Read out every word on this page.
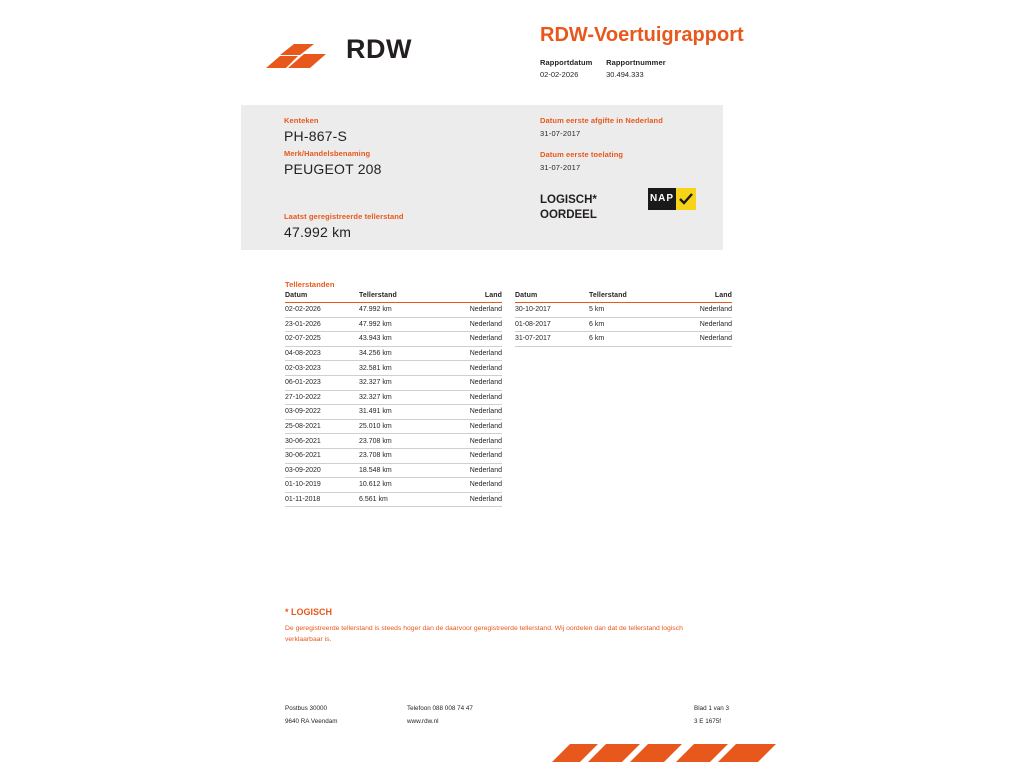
RDW	RDW-Voertuigrapport
Rapportdatum
02-02-2026

Rapportnummer
30.494.333
Kenteken
PH-867-S
Merk/Handelsbenaming
PEUGEOT 208
Laatst geregistreerde tellerstand
47.992 km
Datum eerste afgifte in Nederland
31-07-2017
Datum eerste toelating
31-07-2017
LOGISCH*
OORDEEL
NAP
Tellerstanden
Datum	Tellerstand	Land
02-02-2026	47.992 km	Nederland
23-01-2026	47.992 km	Nederland
02-07-2025	43.943 km	Nederland
04-08-2023	34.256 km	Nederland
02-03-2023	32.581 km	Nederland
06-01-2023	32.327 km	Nederland
27-10-2022	32.327 km	Nederland
03-09-2022	31.491 km	Nederland
25-08-2021	25.010 km	Nederland
30-06-2021	23.708 km	Nederland
30-06-2021	23.708 km	Nederland
03-09-2020	18.548 km	Nederland
01-10-2019	10.612 km	Nederland
01-11-2018	6.561 km	Nederland
Datum	Tellerstand	Land
30-10-2017	5 km	Nederland
01-08-2017	6 km	Nederland
31-07-2017	6 km	Nederland
* LOGISCH
De geregistreerde tellerstand is steeds hoger dan de daarvoor geregistreerde tellerstand. Wij oordelen dan dat de tellerstand logisch verklaarbaar is.
Postbus 30000
9640 RA Veendam
Telefoon 088 008 74 47
www.rdw.nl
Blad 1 van 3
3 E 1675f
